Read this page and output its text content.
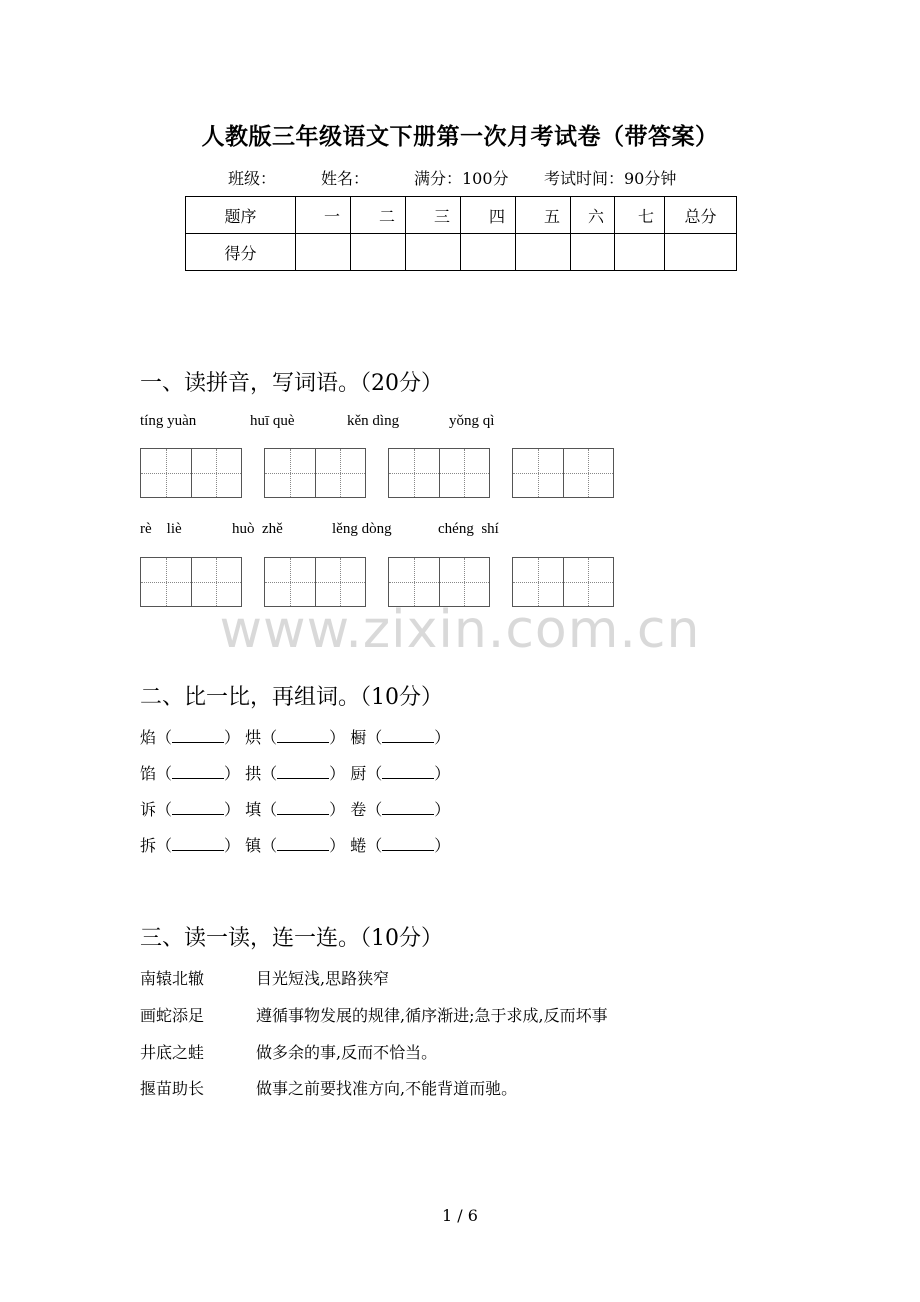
人教版三年级语文下册第一次月考试卷（带答案）
班级：	姓名：	满分：100分 考试时间：90分钟
题序	一	二	三	四	五	六	七	总分
得分								
一、读拼音，写词语。（20分）
tíng yuàn	huī què	kěn dìng	yǒng qì
rè    liè	huò  zhě	lěng dòng	chéng  shí
www.zixin.com.cn
二、比一比，再组词。（10分）
焰（	） 烘（	） 橱（	）
馅（	） 拱（	） 厨（	）
诉（	） 填（	） 卷（	）
拆（	） 镇（	） 蜷（	）
三、读一读，连一连。（10分）
南辕北辙	目光短浅,思路狭窄
画蛇添足	遵循事物发展的规律,循序渐进;急于求成,反而坏事
井底之蛙	做多余的事,反而不恰当。
揠苗助长	做事之前要找准方向,不能背道而驰。
1 / 6
